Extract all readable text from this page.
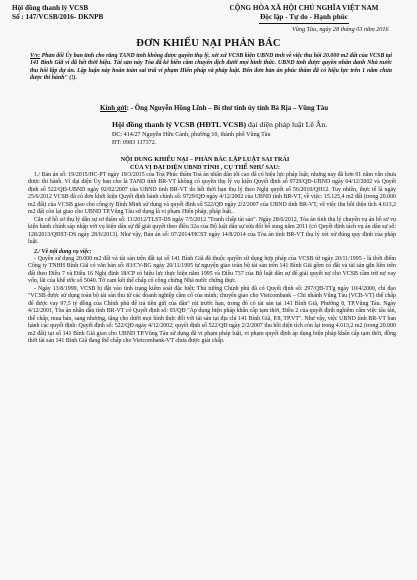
Hội đồng thanh lý VCSB
Số : 147/VCSB/2016- DKNPB
CỘNG HÒA XÃ HỘI CHỦ NGHĨA VIỆT NAM
Độc lập - Tự do - Hạnh phúc
Vũng Tàu, ngày 28 tháng 03 năm 2016
ĐƠN KHIẾU NẠI PHẢN BÁC
V/v: Phản đối Ủy ban tỉnh cho rằng TAND tỉnh không được quyền thụ lý, xét xử VCSB kiện UBND tỉnh về việc thu hồi 20.000 m2 đất của VCSB tại 141 Bình Giã vì đã hết thời hiệu. Tài sản này Tòa đã kê biên cầm chuyển dịch dưới mọi hình thức. UBND tỉnh được quyền nhân danh Nhà nước thu hồi lập dự án. Lập luận này hoàn toàn sai trái vi phạm Hiến pháp và pháp luật. Đến đơn bản án phúc thẩm đã có hiệu lực trên 1 năm chưa được thi hành" (!).
Kính gửi: - Ông Nguyễn Hồng Lĩnh – Bí thư tỉnh ủy tỉnh Bà Rịa – Vũng Tàu
Hội đồng thanh lý VCSB (HĐTL VCSB) đại diện pháp luật Lê Ân.
ĐC: 414/27 Nguyễn Hữu Cảnh, phường 10, thành phố Vũng Tàu
ĐT: 0983 117372.
NỘI DUNG KHIẾU NẠI – PHẢN BÁC LẬP LUẬT SAI TRÁI
CỦA VỊ ĐẠI DIỆN UBND TỈNH , CỤ THỂ NHƯ SAU:

1./ Bản án số: 19/2015/HC-PT ngày 19/3/2015 của Toà Phúc thẩm Toà án nhân dân tối cao đã có hiệu lực pháp luật, nhưng nay đã hơn 01 năm vẫn chưa được thi hành. Vì đại diện Ủy ban cho là TAND tỉnh BR-VT không có quyền thụ lý vụ kiện Quyết định số 9729/QĐ-UBND ngày 04/12/2002 và Quyết định số 522/QĐ-UBND ngày 02/02/2007 của UBND tỉnh BR-VT do hết thời hạn thụ lý theo Nghị quyết số 56/2010/QH12. Tuy nhiên, thực tế là ngày 25/6/2012 VCSB đã có đơn khởi kiện Quyết định hành chính số: 9729/QĐ ngày 4/12/2002 của UBND tỉnh BR-VT, về việc: 15.125,4 m2 đất (trong 20.000 m2 đất) của VCSB giao cho công ty Bình Minh sử dụng và quyết định số 522/QĐ ngày 2/2/2007 của UBND tỉnh BR-VT, về việc thu hồi diện tích 4.613,2 m2 đất còn lại giao cho UBND TP.Vũng Tàu sử dụng là vi phạm Hiến pháp, pháp luật..

Căn cứ hồ sơ thụ lý dân sự sơ thẩm số: 11/2012/TLST-DS ngày 7/5/2012 "Tranh chấp tài sản". Ngày 28/6/2012, Tòa án tỉnh thụ lý chuyển vụ án hồ sơ vụ kiện hành chính sáp nhập với vụ kiện dân sự để giải quyết theo điều 32a của Bộ luật dân sự sửa đổi bổ sung năm 2011 (có Quyết định tách vụ án dân sự số: 128/2013/QĐST-DS ngày 28/6/2013). Như vậy, Bản án số: 07/2014/HCST ngày 14/8/2014 của Tòa án tỉnh BR-VT thụ lý xét xử đúng quy định của pháp luật.

2./ Về nội dung vụ việc:

- Quyền sử dụng 20.000 m2 đất và tài sản trên đất tại số 141 Bình Giã đã thuộc quyền sử dụng hợp pháp của VCSB từ ngày 20/11/1995 - là thời điểm Công ty TNHH Bình Giã có văn bản số: 83/CV-BG ngày 20/11/1995 tự nguyện giao toàn bộ tài sản trên 141 Bình Giã gồm có đất và tài sản gắn liền trên đất theo Điều 7 và Điều 16 Nghị định 18/CP có hiệu lực thực hiện năm 1995 và Điều 737 của Bộ luật dân sự để giải quyết nợ cho VCSB cầm trừ nợ vay vốn, lãi của khế ước số 5040. Tờ cam kết thế chấp có công chứng Nhà nước chứng thực.

- Ngày 13/8/1999, VCSB bị đặt vào tình trạng kiểm soát đặc biệt; Thủ tướng Chính phủ đã có Quyết định số: 297/QĐ-TTg ngày 10/4/2000, chỉ đạo "VCSB được sử dụng toàn bộ tài sản thu từ các doanh nghiệp cầm cố của mình; chuyển giao cho Vietcombank – Chi nhánh Vũng Tàu (VCB-VT) thế chấp để được vay 97,5 tỷ đồng của Chính phủ để trả tiền gửi của dân" rút trước hạn, trong đó có tài sản tại 141 Bình Giã, Phường 8, TP.Vũng Tàu. Ngày 4/12/2001, Tòa án nhân dân tỉnh BR-VT có Quyết định số: 03/QĐ "Áp dụng biện pháp khẩn cấp tạm thời, Điều 2 của quyết định nghiêm cấm việc tẩu tán, thế chấp, mua bán, sang nhượng, tặng cho dưới mọi hình thức đối với tài sản tại địa chỉ 141 Bình Giã, P.8, TP.VT". Như vậy, việc UBND tỉnh BR-VT ban hành các quyết định: Quyết định số: 522/QĐ ngày 4/12/2002; quyết định số 522/QĐ ngày 2/2/2007 thu hồi diện tích còn lại trong 4.613,2 m2 (trong 20.000 m2 đất) tại số 141 Bình Giã giao cho UBND TP.Vũng Tàu sử dụng đã vi phạm pháp luật, vi phạm quyết định áp dụng biện pháp khẩn cấp tạm thời, đồng thời tài sản 141 Bình Giã đang thế chấp cho Vietcombank-VT chưa được giải chấp.
